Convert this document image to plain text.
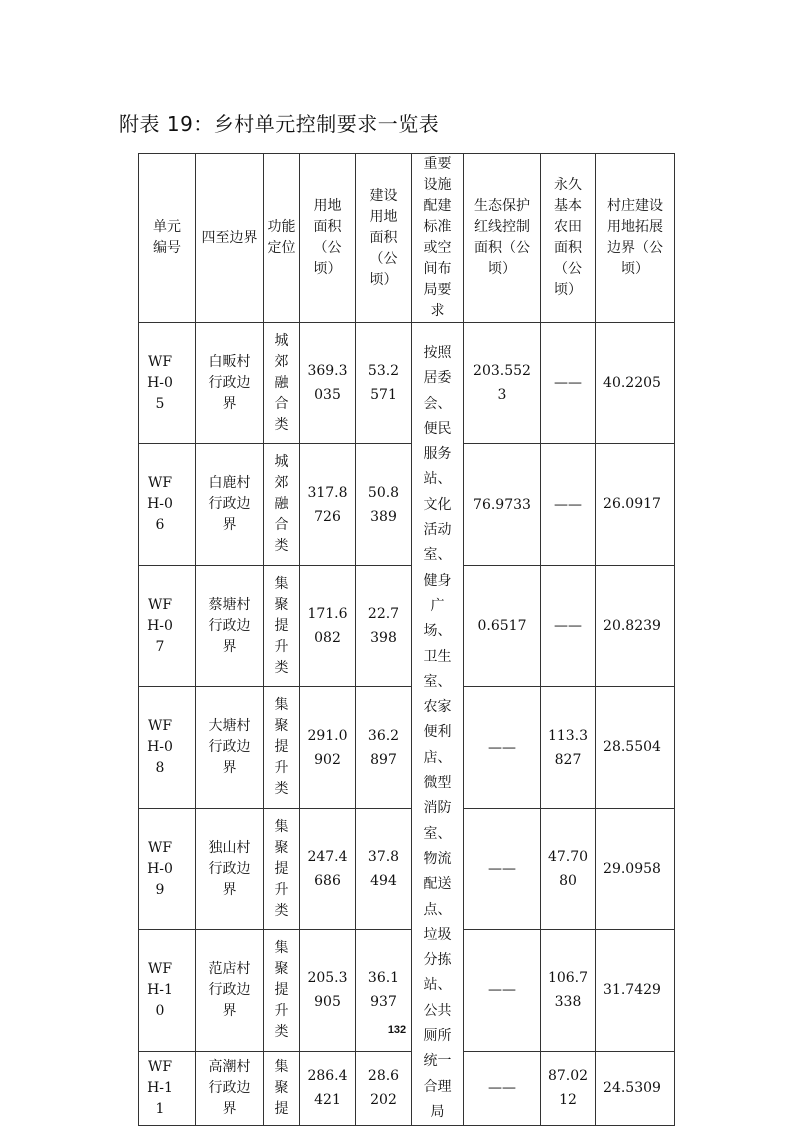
附表 19：乡村单元控制要求一览表
单元编号	四至边界	功能定位	用地面积（公顷）	建设用地面积（公顷）	重要设施配建标准或空间布局要求	生态保护红线控制面积（公顷）	永久基本农田面积（公顷）	村庄建设用地拓展边界（公顷）

WFH-05	白畈村行政边界	城郊融合类	369.3035	53.2571	按照居委会、便民服务站、文化活动室、健身广场、卫生室、农家便利店、微型消防室、物流配送点、垃圾分拣站、公共厕所统一合理局	203.5523	——	40.2205

WFH-06	白鹿村行政边界	城郊融合类	317.8726	50.8389		76.9733	——	26.0917

WFH-07	蔡塘村行政边界	集聚提升类	171.6082	22.7398		0.6517	——	20.8239

WFH-08	大塘村行政边界	集聚提升类	291.0902	36.2897		——	113.3827	28.5504

WFH-09	独山村行政边界	集聚提升类	247.4686	37.8494		——	47.7080	29.0958

WFH-10	范店村行政边界	集聚提升类	205.3905	36.1937		——	106.7338	31.7429

WFH-11	高潮村行政边界	集聚提	286.4421	28.6202		——	87.0212	24.5309
132
